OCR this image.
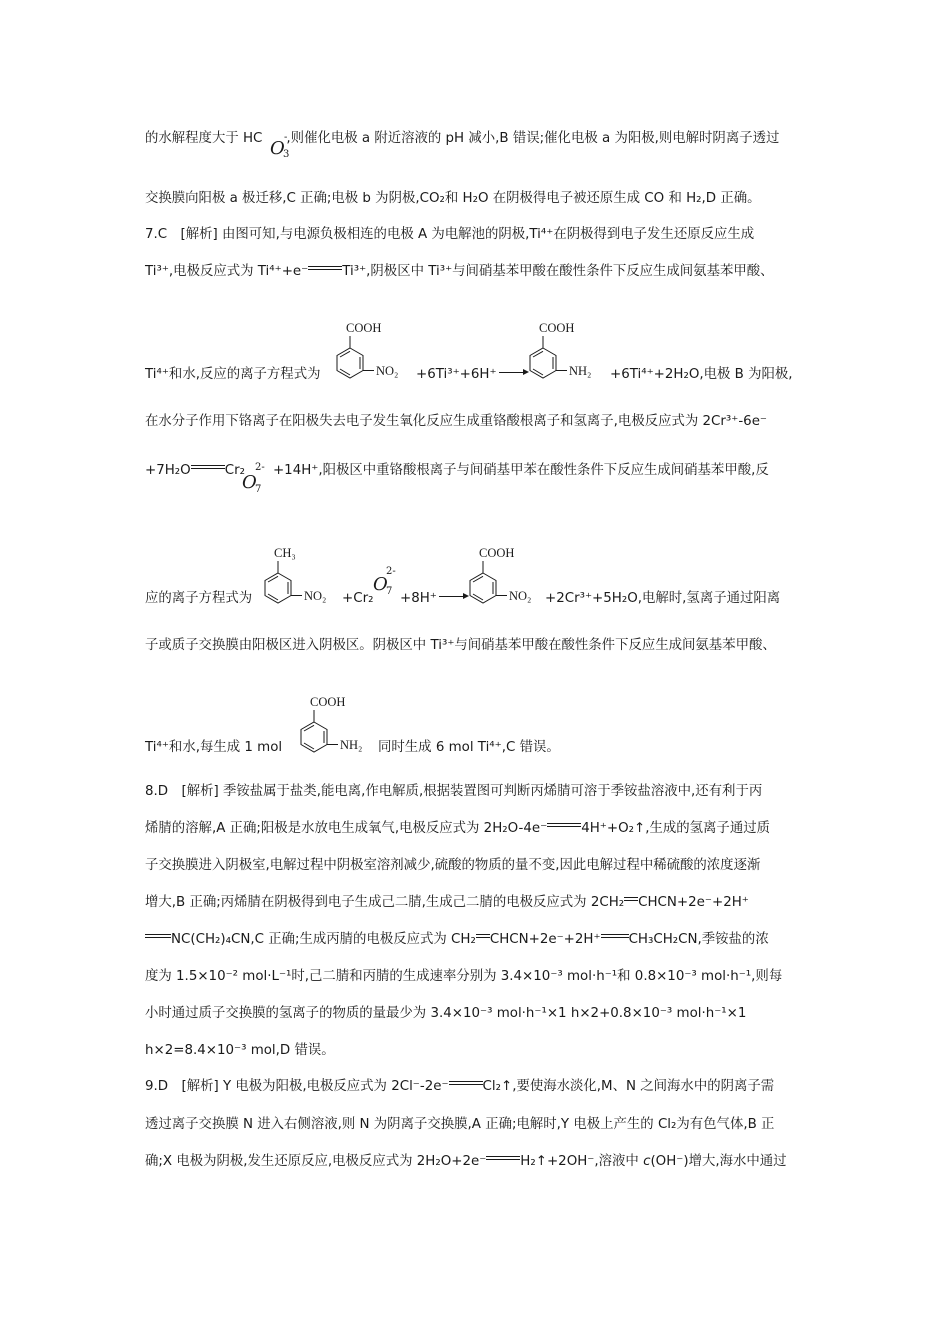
的水解程度大于 HC ,则催化电极 a 附近溶液的 pH 减小,B 错误;催化电极 a 为阳极,则电解时阴离子透过
O
3
-
交换膜向阳极 a 极迁移,C 正确;电极 b 为阴极,CO₂和 H₂O 在阴极得电子被还原生成 CO 和 H₂,D 正确。
7.C　[解析] 由图可知,与电源负极相连的电极 A 为电解池的阴极,Ti⁴⁺在阴极得到电子发生还原反应生成
Ti³⁺,电极反应式为 Ti⁴⁺+e⁻	Ti³⁺,阴极区中 Ti³⁺与间硝基苯甲酸在酸性条件下反应生成间氨基苯甲酸、
COOH
NO₂
COOH
NH₂
Ti⁴⁺和水,反应的离子方程式为	+6Ti³⁺+6H⁺	+6Ti⁴⁺+2H₂O,电极 B 为阳极,
在水分子作用下铬离子在阳极失去电子发生氧化反应生成重铬酸根离子和氢离子,电极反应式为 2Cr³⁺-6e⁻
+7H₂O	Cr₂ +14H⁺,阳极区中重铬酸根离子与间硝基甲苯在酸性条件下反应生成间硝基苯甲酸,反
O
7
2-
CH₃
NO₂
COOH
NO₂
应的离子方程式为	+Cr₂
O
7
2-
+8H⁺	+2Cr³⁺+5H₂O,电解时,氢离子通过阳离
子或质子交换膜由阳极区进入阴极区。阴极区中 Ti³⁺与间硝基苯甲酸在酸性条件下反应生成间氨基苯甲酸、
COOH
NH₂
Ti⁴⁺和水,每生成 1 mol	同时生成 6 mol Ti⁴⁺,C 错误。
8.D　[解析] 季铵盐属于盐类,能电离,作电解质,根据装置图可判断丙烯腈可溶于季铵盐溶液中,还有利于丙
烯腈的溶解,A 正确;阳极是水放电生成氧气,电极反应式为 2H₂O-4e⁻	4H⁺+O₂↑,生成的氢离子通过质
子交换膜进入阴极室,电解过程中阴极室溶剂减少,硫酸的物质的量不变,因此电解过程中稀硫酸的浓度逐渐
增大,B 正确;丙烯腈在阴极得到电子生成己二腈,生成己二腈的电极反应式为 2CH₂ CHCN+2e⁻+2H⁺
NC(CH₂)₄CN,C 正确;生成丙腈的电极反应式为 CH₂ CHCN+2e⁻+2H⁺ CH₃CH₂CN,季铵盐的浓
度为 1.5×10⁻² mol·L⁻¹时,己二腈和丙腈的生成速率分别为 3.4×10⁻³ mol·h⁻¹和 0.8×10⁻³ mol·h⁻¹,则每
小时通过质子交换膜的氢离子的物质的量最少为 3.4×10⁻³ mol·h⁻¹×1 h×2+0.8×10⁻³ mol·h⁻¹×1
h×2=8.4×10⁻³ mol,D 错误。
9.D　[解析] Y 电极为阳极,电极反应式为 2Cl⁻-2e⁻	Cl₂↑,要使海水淡化,M、N 之间海水中的阴离子需
透过离子交换膜 N 进入右侧溶液,则 N 为阴离子交换膜,A 正确;电解时,Y 电极上产生的 Cl₂为有色气体,B 正
确;X 电极为阴极,发生还原反应,电极反应式为 2H₂O+2e⁻	H₂↑+2OH⁻,溶液中 c(OH⁻)增大,海水中通过
